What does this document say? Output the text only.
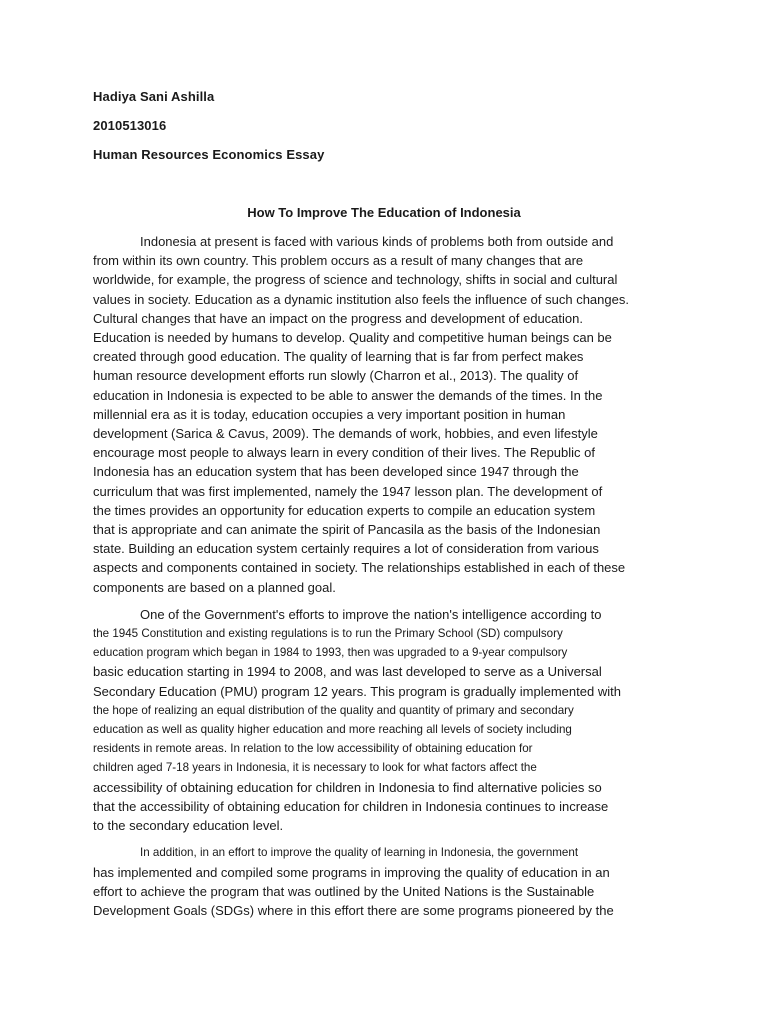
Hadiya Sani Ashilla
2010513016
Human Resources Economics Essay
How To Improve The Education of Indonesia

Indonesia at present is faced with various kinds of problems both from outside and
from within its own country. This problem occurs as a result of many changes that are
worldwide, for example, the progress of science and technology, shifts in social and cultural
values in society. Education as a dynamic institution also feels the influence of such changes.
Cultural changes that have an impact on the progress and development of education.
Education is needed by humans to develop. Quality and competitive human beings can be
created through good education. The quality of learning that is far from perfect makes
human resource development efforts run slowly (Charron et al., 2013). The quality of
education in Indonesia is expected to be able to answer the demands of the times. In the
millennial era as it is today, education occupies a very important position in human
development (Sarica & Cavus, 2009). The demands of work, hobbies, and even lifestyle
encourage most people to always learn in every condition of their lives. The Republic of
Indonesia has an education system that has been developed since 1947 through the
curriculum that was first implemented, namely the 1947 lesson plan. The development of
the times provides an opportunity for education experts to compile an education system
that is appropriate and can animate the spirit of Pancasila as the basis of the Indonesian
state. Building an education system certainly requires a lot of consideration from various
aspects and components contained in society. The relationships established in each of these
components are based on a planned goal.

One of the Government's efforts to improve the nation's intelligence according to
the 1945 Constitution and existing regulations is to run the Primary School (SD) compulsory
education program which began in 1984 to 1993, then was upgraded to a 9-year compulsory
basic education starting in 1994 to 2008, and was last developed to serve as a Universal
Secondary Education (PMU) program 12 years. This program is gradually implemented with
the hope of realizing an equal distribution of the quality and quantity of primary and secondary
education as well as quality higher education and more reaching all levels of society including
residents in remote areas. In relation to the low accessibility of obtaining education for
children aged 7-18 years in Indonesia, it is necessary to look for what factors affect the
accessibility of obtaining education for children in Indonesia to find alternative policies so
that the accessibility of obtaining education for children in Indonesia continues to increase
to the secondary education level.

In addition, in an effort to improve the quality of learning in Indonesia, the government
has implemented and compiled some programs in improving the quality of education in an
effort to achieve the program that was outlined by the United Nations is the Sustainable
Development Goals (SDGs) where in this effort there are some programs pioneered by the
